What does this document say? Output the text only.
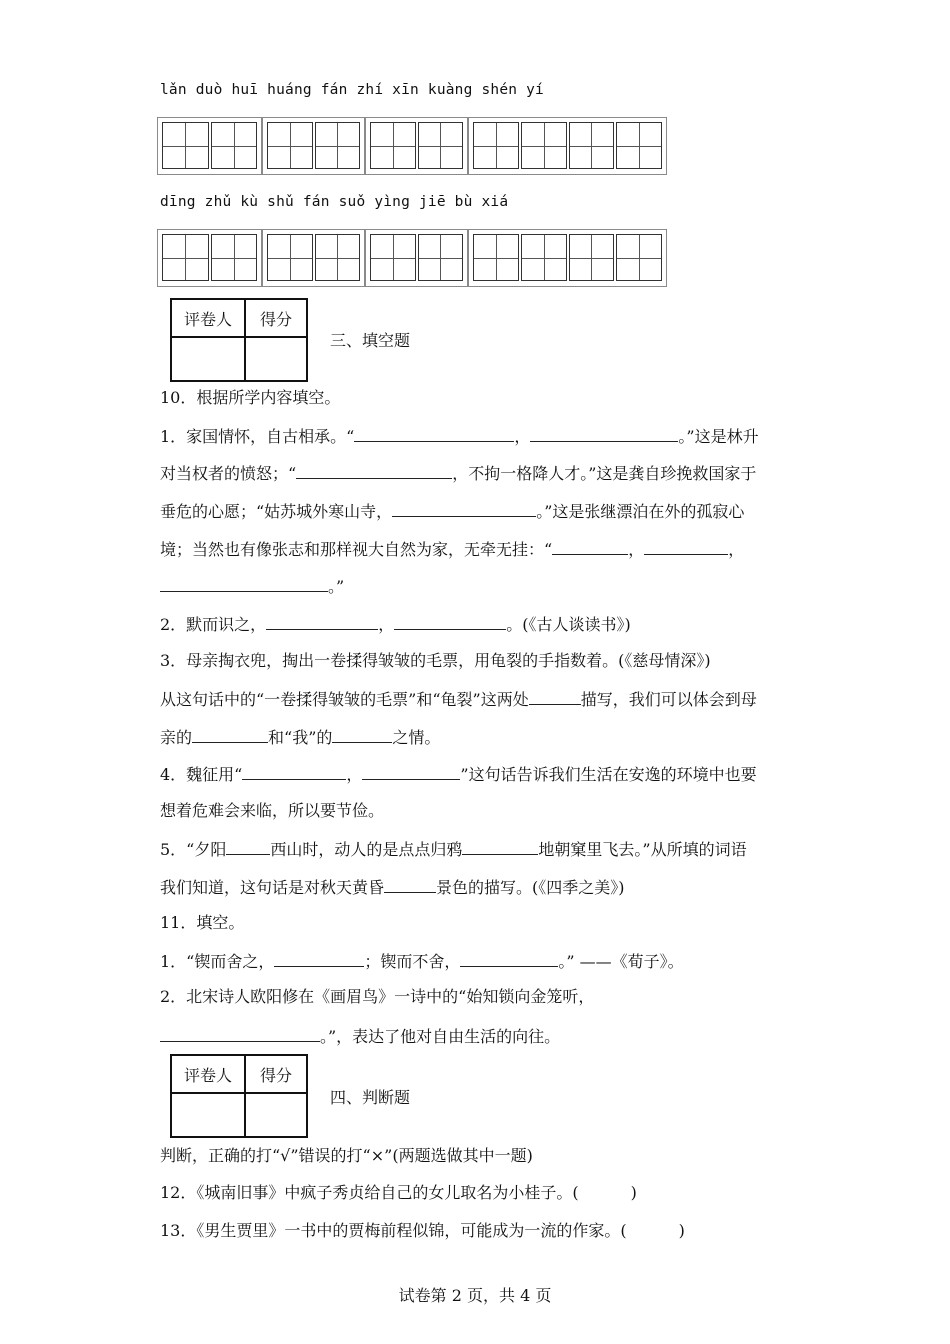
lǎn duò huī huáng fán zhí xīn kuàng shén yí
dīng zhǔ kù shǔ fán suǒ yìng jiē bù xiá
评卷人	得分

三、填空题
10．根据所学内容填空。
1．家国情怀，自古相承。“	，	。”这是林升
对当权者的愤怒；“	，不拘一格降人才。”这是龚自珍挽救国家于
垂危的心愿；“姑苏城外寒山寺，	。”这是张继漂泊在外的孤寂心
境；当然也有像张志和那样视大自然为家，无牵无挂：“	，	，
。”
2．默而识之，	，	。(《古人谈读书》)
3．母亲掏衣兜，掏出一卷揉得皱皱的毛票，用龟裂的手指数着。(《慈母情深》)
从这句话中的“一卷揉得皱皱的毛票”和“龟裂”这两处	描写，我们可以体会到母
亲的	和“我”的	之情。
4．魏征用“	，	”这句话告诉我们生活在安逸的环境中也要
想着危难会来临，所以要节俭。
5．“夕阳	西山时，动人的是点点归鸦	地朝窠里飞去。”从所填的词语
我们知道，这句话是对秋天黄昏	景色的描写。(《四季之美》)
11．填空。
1．“锲而舍之，	；锲而不舍，	。” ——《荀子》。
2．北宋诗人欧阳修在《画眉鸟》一诗中的“始知锁向金笼听，
。”，表达了他对自由生活的向往。
评卷人	得分

四、判断题
判断，正确的打“√”错误的打“×”(两题选做其中一题)
12．《城南旧事》中疯子秀贞给自己的女儿取名为小桂子。(	)
13．《男生贾里》一书中的贾梅前程似锦，可能成为一流的作家。(	)
试卷第 2 页，共 4 页
